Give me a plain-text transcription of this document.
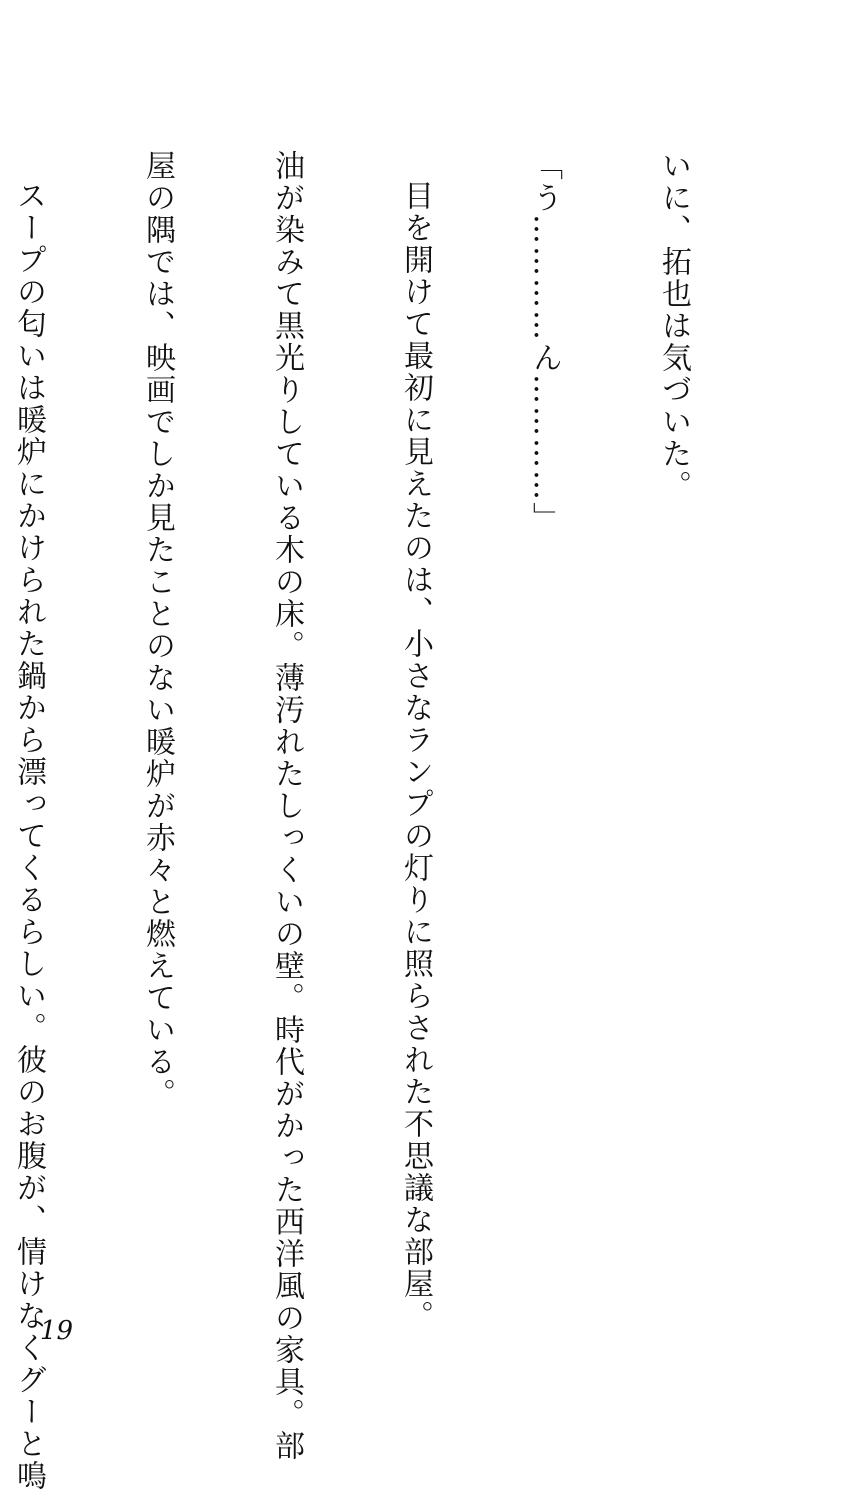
いに、拓也は気づいた。

「う…………ん…………」

目を開けて最初に見えたのは、小さなランプの灯りに照らされた不思議な部屋。

油が染みて黒光りしている木の床。薄汚れたしっくいの壁。時代がかった西洋風の家具。部

屋の隅では、映画でしか見たことのない暖炉が赤々と燃えている。

スープの匂いは暖炉にかけられた鍋から漂ってくるらしい。彼のお腹が、情けなくグーと鳴

19
